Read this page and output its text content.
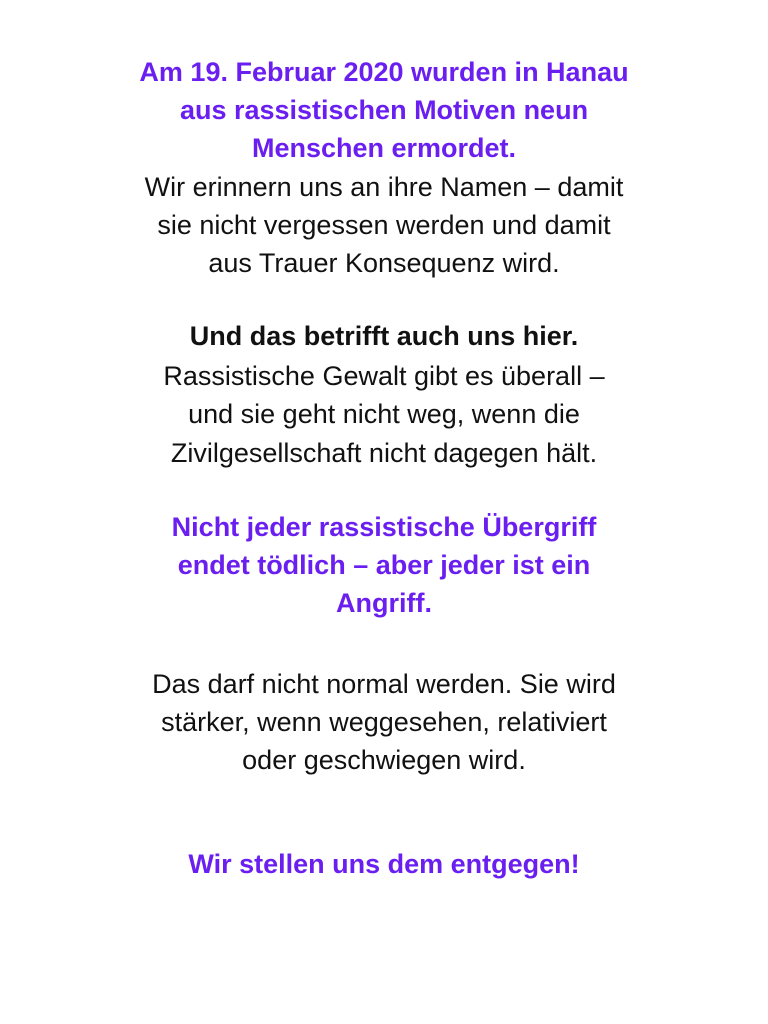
Am 19. Februar 2020 wurden in Hanau
aus rassistischen Motiven neun
Menschen ermordet.
Wir erinnern uns an ihre Namen – damit
sie nicht vergessen werden und damit
aus Trauer Konsequenz wird.
Und das betrifft auch uns hier.
Rassistische Gewalt gibt es überall –
und sie geht nicht weg, wenn die
Zivilgesellschaft nicht dagegen hält.
Nicht jeder rassistische Übergriff
endet tödlich – aber jeder ist ein
Angriff.
Das darf nicht normal werden. Sie wird
stärker, wenn weggesehen, relativiert
oder geschwiegen wird.
Wir stellen uns dem entgegen!
